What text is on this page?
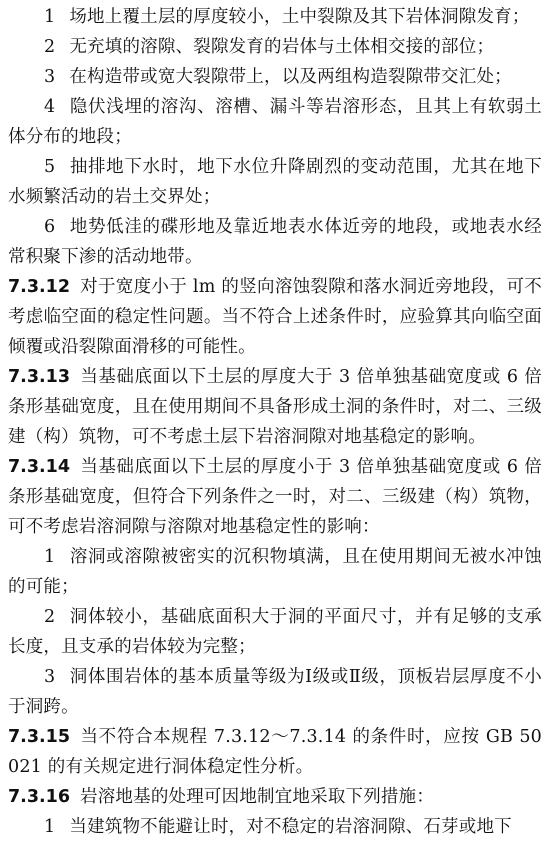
1 场地上覆土层的厚度较小，土中裂隙及其下岩体洞隙发育；

2 无充填的溶隙、裂隙发育的岩体与土体相交接的部位；

3 在构造带或宽大裂隙带上，以及两组构造裂隙带交汇处；

4 隐伏浅埋的溶沟、溶槽、漏斗等岩溶形态，且其上有软弱土体分布的地段；

5 抽排地下水时，地下水位升降剧烈的变动范围，尤其在地下水频繁活动的岩土交界处；

6 地势低洼的碟形地及靠近地表水体近旁的地段，或地表水经常积聚下渗的活动地带。

7.3.12 对于宽度小于 lm 的竖向溶蚀裂隙和落水洞近旁地段，可不考虑临空面的稳定性问题。当不符合上述条件时，应验算其向临空面倾覆或沿裂隙面滑移的可能性。

7.3.13 当基础底面以下土层的厚度大于 3 倍单独基础宽度或 6 倍条形基础宽度，且在使用期间不具备形成土洞的条件时，对二、三级建（构）筑物，可不考虑土层下岩溶洞隙对地基稳定的影响。

7.3.14 当基础底面以下土层的厚度小于 3 倍单独基础宽度或 6 倍条形基础宽度，但符合下列条件之一时，对二、三级建（构）筑物，可不考虑岩溶洞隙与溶隙对地基稳定性的影响：

1 溶洞或溶隙被密实的沉积物填满，且在使用期间无被水冲蚀的可能；

2 洞体较小，基础底面积大于洞的平面尺寸，并有足够的支承长度，且支承的岩体较为完整；

3 洞体围岩体的基本质量等级为Ⅰ级或Ⅱ级，顶板岩层厚度不小于洞跨。

7.3.15 当不符合本规程 7.3.12～7.3.14 的条件时，应按 GB 50021 的有关规定进行洞体稳定性分析。

7.3.16 岩溶地基的处理可因地制宜地采取下列措施：

1 当建筑物不能避让时，对不稳定的岩溶洞隙、石芽或地下
